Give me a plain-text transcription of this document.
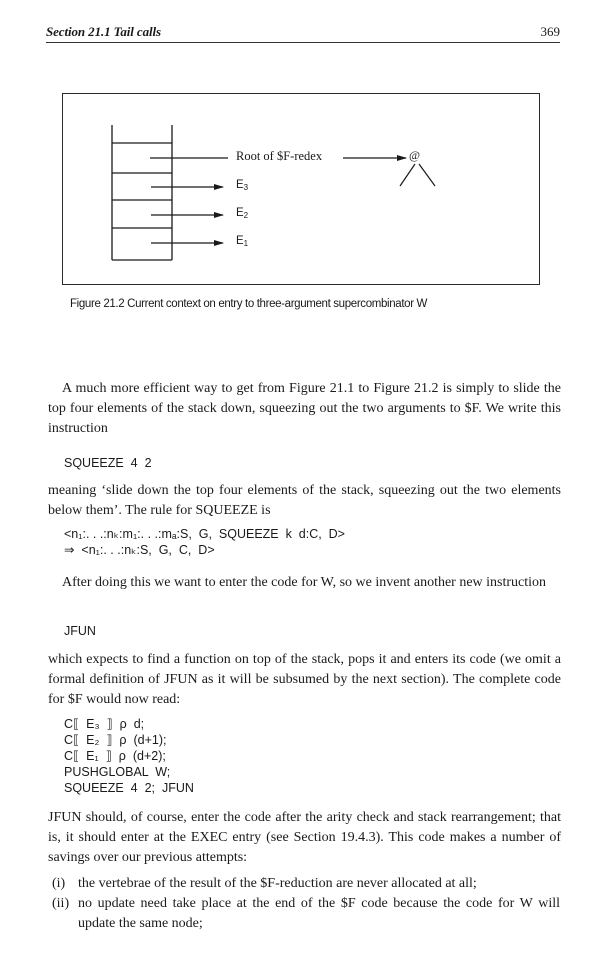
Section 21.1 Tail calls	369
Root of $F-redex	@
$E_3$
$E_2$
$E_1$
Figure 21.2 Current context on entry to three-argument supercombinator W

A much more efficient way to get from Figure 21.1 to Figure 21.2 is simply to slide the top four elements of the stack down, squeezing out the two arguments to $F. We write this instruction

SQUEEZE  4  2

meaning ‘slide down the top four elements of the stack, squeezing out the two elements below them’. The rule for SQUEEZE is

<n₁:. . .:nₖ:m₁:. . .:mₐ:S,  G,  SQUEEZE  k  d:C,  D>
⇒  <n₁:. . .:nₖ:S,  G,  C,  D>

After doing this we want to enter the code for W, so we invent another new instruction

JFUN

which expects to find a function on top of the stack, pops it and enters its code (we omit a formal definition of JFUN as it will be subsumed by the next section). The complete code for $F would now read:

C⟦  E₃  ⟧  ρ  d;
C⟦  E₂  ⟧  ρ  (d+1);
C⟦  E₁  ⟧  ρ  (d+2);
PUSHGLOBAL  W;
SQUEEZE  4  2;  JFUN

JFUN should, of course, enter the code after the arity check and stack rearrangement; that is, it should enter at the EXEC entry (see Section 19.4.3). This code makes a number of savings over our previous attempts:

(i) the vertebrae of the result of the $F-reduction are never allocated at all;
(ii) no update need take place at the end of the $F code because the code for W will update the same node;
